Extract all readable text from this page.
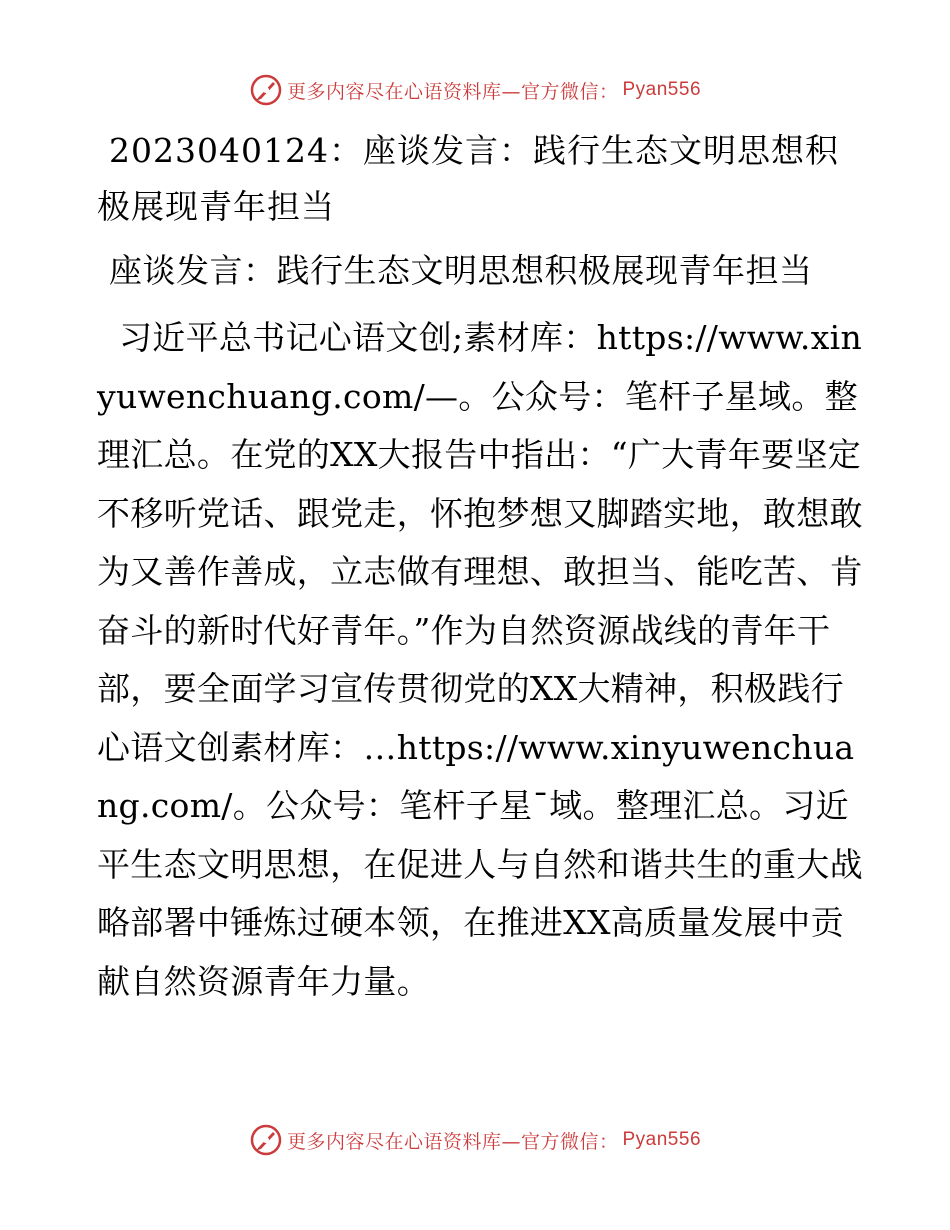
更多内容尽在心语资料库—官方微信： Pyan556
2023040124：座谈发言：践行生态文明思想积极展现青年担当
座谈发言：践行生态文明思想积极展现青年担当

习近平总书记心语文创;素材库：https://www.xinyuwenchuang.com/—。公众号：笔杆子星域。整理汇总。在党的XX大报告中指出：“广大青年要坚定不移听党话、跟党走，怀抱梦想又脚踏实地，敢想敢为又善作善成，立志做有理想、敢担当、能吃苦、肯奋斗的新时代好青年。”作为自然资源战线的青年干部，要全面学习宣传贯彻党的XX大精神，积极践行心语文创素材库：…https://www.xinyuwenchuang.com/。公众号：笔杆子星¯域。整理汇总。习近平生态文明思想，在促进人与自然和谐共生的重大战略部署中锤炼过硬本领，在推进XX高质量发展中贡献自然资源青年力量。

更多内容尽在心语资料库—官方微信： Pyan556
